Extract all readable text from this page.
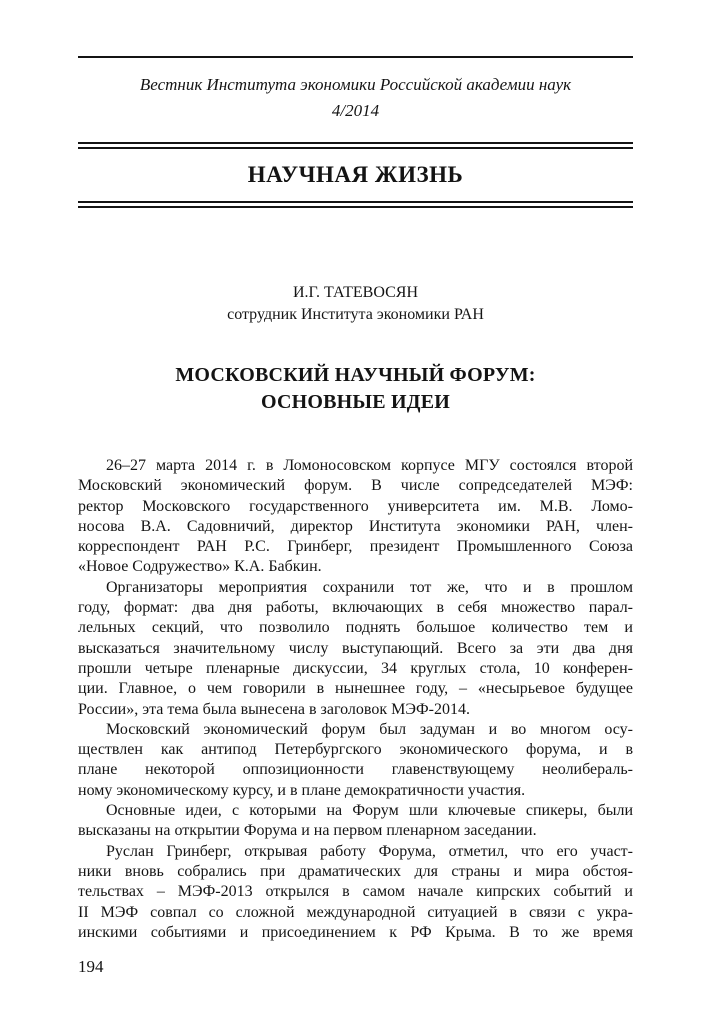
Вестник Института экономики Российской академии наук
4/2014
НАУЧНАЯ ЖИЗНЬ
И.Г. ТАТЕВОСЯН
сотрудник Института экономики РАН
МОСКОВСКИЙ НАУЧНЫЙ ФОРУМ:
ОСНОВНЫЕ ИДЕИ
26–27 марта 2014 г. в Ломоносовском корпусе МГУ состоялся второй
Московский экономический форум. В числе сопредседателей МЭФ:
ректор Московского государственного университета им. М.В. Ломо-
носова В.А. Садовничий, директор Института экономики РАН, член-
корреспондент РАН Р.С. Гринберг, президент Промышленного Союза
«Новое Содружество» К.А. Бабкин.
Организаторы мероприятия сохранили тот же, что и в прошлом
году, формат: два дня работы, включающих в себя множество парал-
лельных секций, что позволило поднять большое количество тем и
высказаться значительному числу выступающий. Всего за эти два дня
прошли четыре пленарные дискуссии, 34 круглых стола, 10 конферен-
ции. Главное, о чем говорили в нынешнее году, – «несырьевое будущее
России», эта тема была вынесена в заголовок МЭФ-2014.
Московский экономический форум был задуман и во многом осу-
ществлен как антипод Петербургского экономического форума, и в
плане некоторой оппозиционности главенствующему неолибераль-
ному экономическому курсу, и в плане демократичности участия.
Основные идеи, с которыми на Форум шли ключевые спикеры, были
высказаны на открытии Форума и на первом пленарном заседании.
Руслан Гринберг, открывая работу Форума, отметил, что его участ-
ники вновь собрались при драматических для страны и мира обстоя-
тельствах – МЭФ-2013 открылся в самом начале кипрских событий и
II МЭФ совпал со сложной международной ситуацией в связи с укра-
инскими событиями и присоединением к РФ Крыма. В то же время
194
